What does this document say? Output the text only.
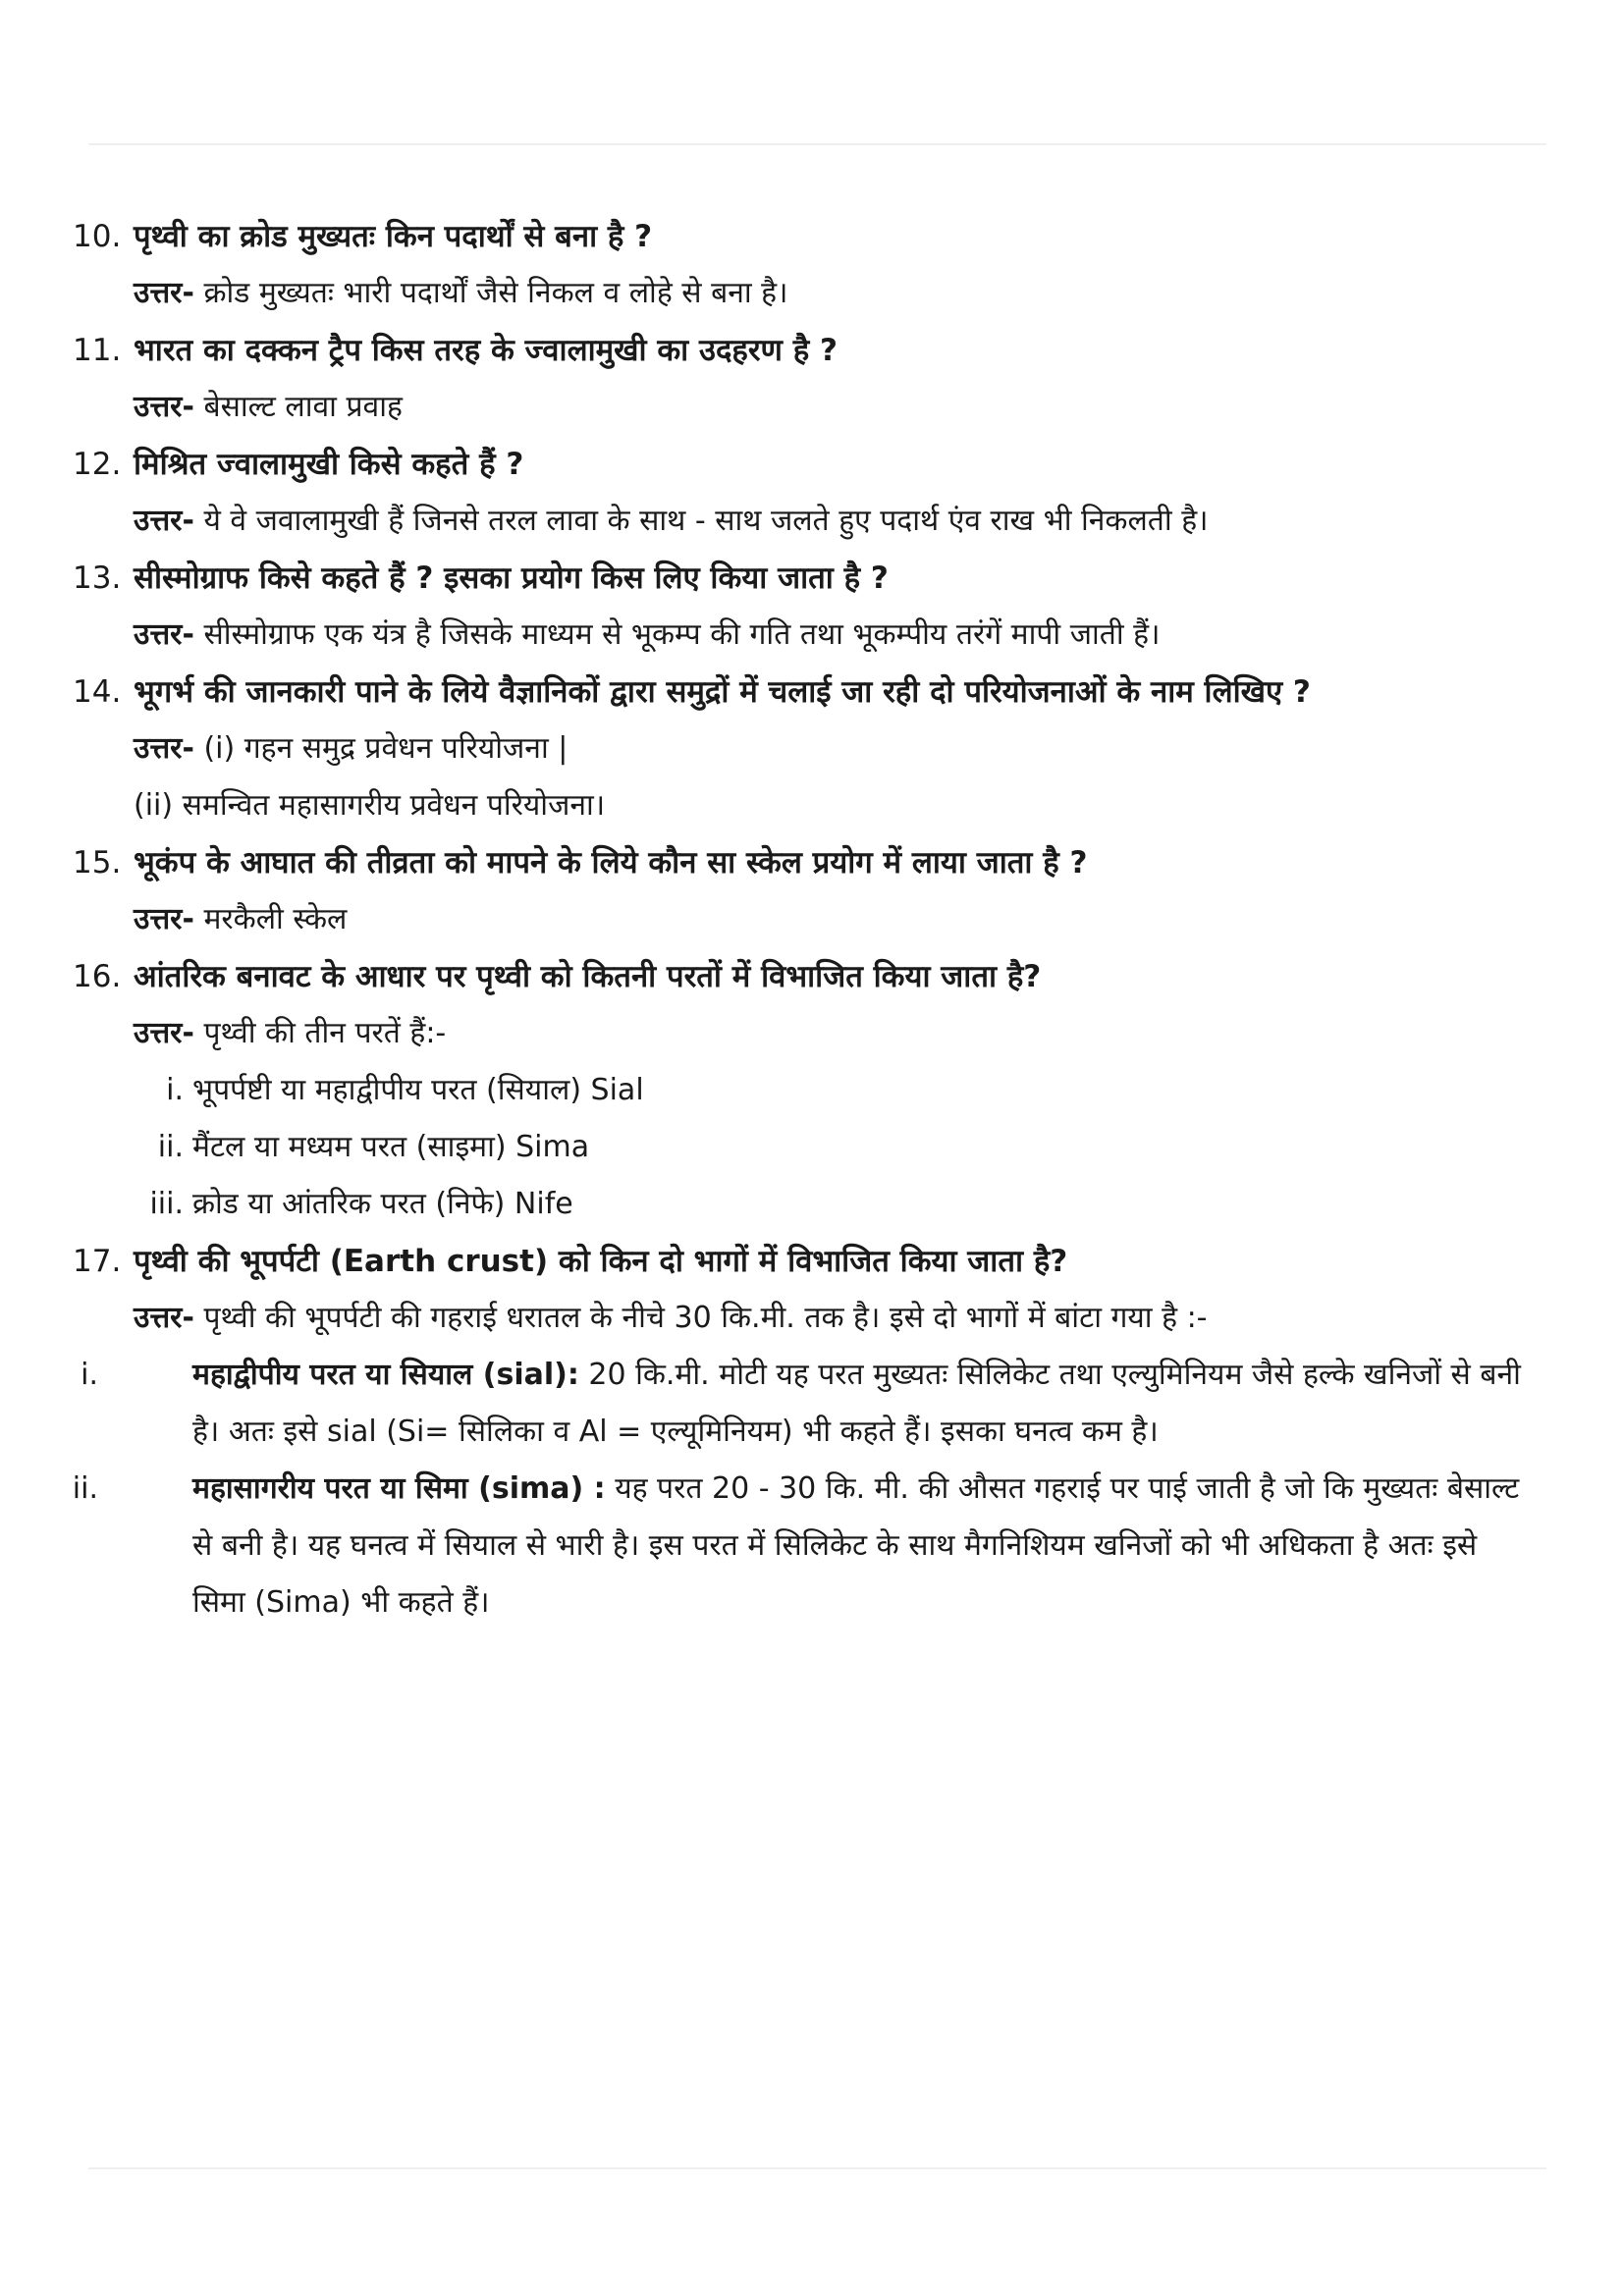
10. पृथ्वी का क्रोड मुख्यतः किन पदार्थों से बना है ?
उत्तर- क्रोड मुख्यतः भारी पदार्थों जैसे निकल व लोहे से बना है।
11. भारत का दक्कन ट्रैप किस तरह के ज्वालामुखी का उदहरण है ?
उत्तर- बेसाल्ट लावा प्रवाह
12. मिश्रित ज्वालामुखी किसे कहते हैं ?
उत्तर- ये वे जवालामुखी हैं जिनसे तरल लावा के साथ - साथ जलते हुए पदार्थ एंव राख भी निकलती है।
13. सीस्मोग्राफ किसे कहते हैं ? इसका प्रयोग किस लिए किया जाता है ?
उत्तर- सीस्मोग्राफ एक यंत्र है जिसके माध्यम से भूकम्प की गति तथा भूकम्पीय तरंगें मापी जाती हैं।
14. भूगर्भ की जानकारी पाने के लिये वैज्ञानिकों द्वारा समुद्रों में चलाई जा रही दो परियोजनाओं के नाम लिखिए ?
उत्तर- (i) गहन समुद्र प्रवेधन परियोजना |
(ii) समन्वित महासागरीय प्रवेधन परियोजना।
15. भूकंप के आघात की तीव्रता को मापने के लिये कौन सा स्केल प्रयोग में लाया जाता है ?
उत्तर- मरकैली स्केल
16. आंतरिक बनावट के आधार पर पृथ्वी को कितनी परतों में विभाजित किया जाता है?
उत्तर- पृथ्वी की तीन परतें हैं:-
i. भूपर्पष्टी या महाद्वीपीय परत (सियाल) Sial
ii. मैंटल या मध्यम परत (साइमा) Sima
iii. क्रोड या आंतरिक परत (निफे) Nife
17. पृथ्वी की भूपर्पटी (Earth crust) को किन दो भागों में विभाजित किया जाता है?
उत्तर- पृथ्वी की भूपर्पटी की गहराई धरातल के नीचे 30 कि.मी. तक है। इसे दो भागों में बांटा गया है :-
i.	महाद्वीपीय परत या सियाल (sial): 20 कि.मी. मोटी यह परत मुख्यतः सिलिकेट तथा एल्युमिनियम जैसे हल्के खनिजों से बनी है। अतः इसे sial (Si= सिलिका व Al = एल्यूमिनियम) भी कहते हैं। इसका घनत्व कम है।
ii.	महासागरीय परत या सिमा (sima) : यह परत 20 - 30 कि. मी. की औसत गहराई पर पाई जाती है जो कि मुख्यतः बेसाल्ट से बनी है। यह घनत्व में सियाल से भारी है। इस परत में सिलिकेट के साथ मैगनिशियम खनिजों को भी अधिकता है अतः इसे सिमा (Sima) भी कहते हैं।
